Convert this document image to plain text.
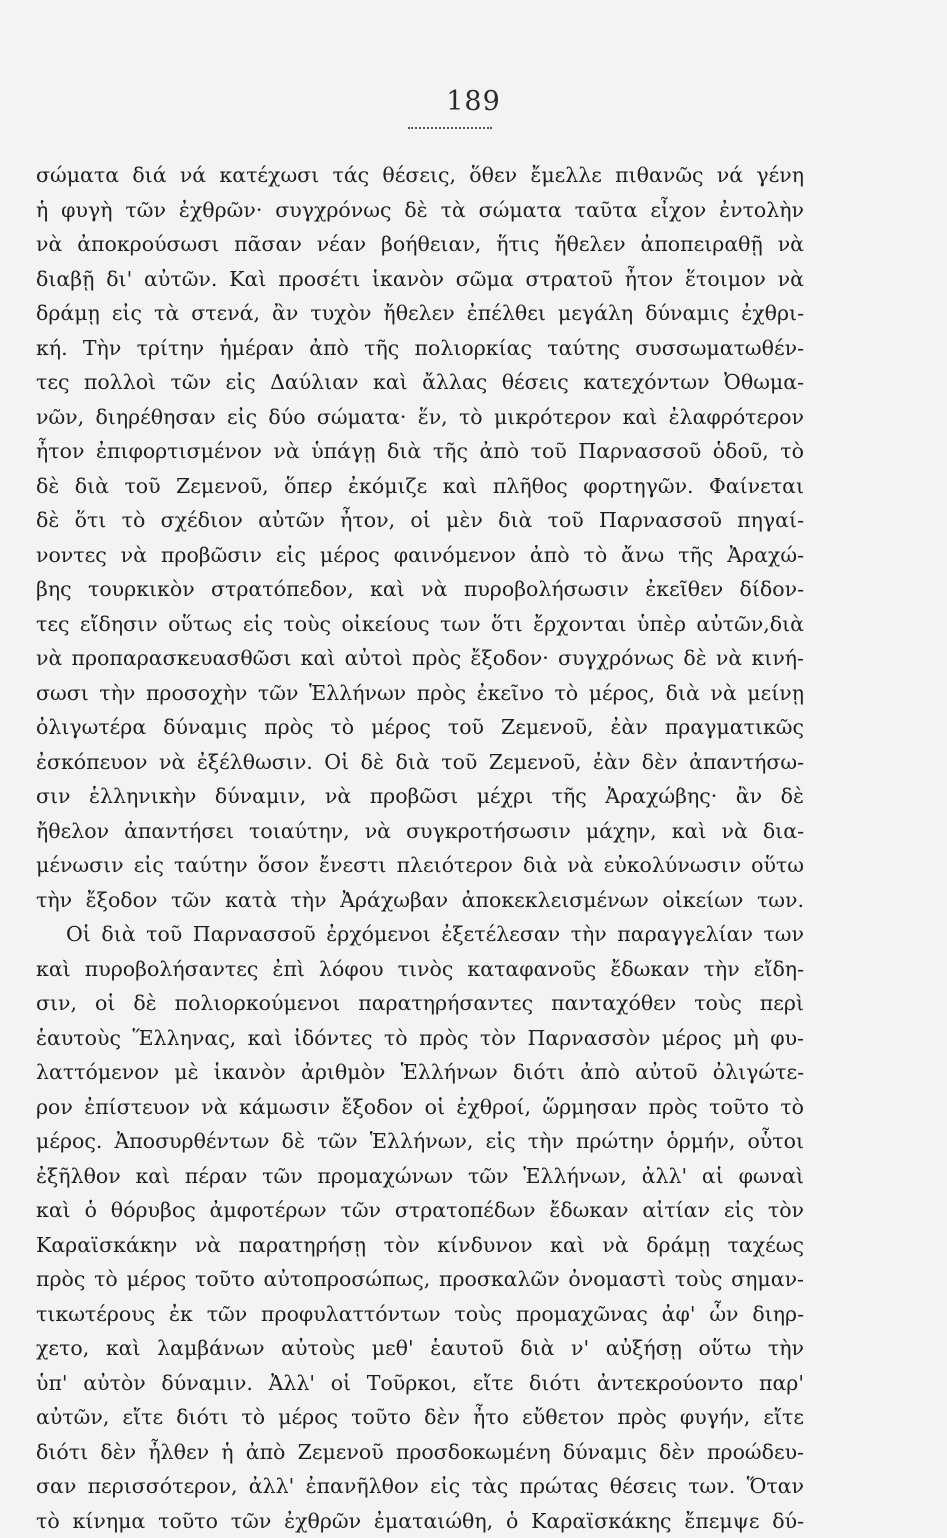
189
σώματα διά νά κατέχωσι τάς θέσεις, ὅθεν ἔμελλε πιθανῶς νά γένη
ἡ φυγὴ τῶν ἐχθρῶν· συγχρόνως δὲ τὰ σώματα ταῦτα εἶχον ἐντολὴν
νὰ ἀποκρούσωσι πᾶσαν νέαν βοήθειαν, ἥτις ἤθελεν ἀποπειραθῇ νὰ
διαβῇ δι' αὐτῶν. Καὶ προσέτι ἱκανὸν σῶμα στρατοῦ ἦτον ἕτοιμον νὰ
δράμῃ εἰς τὰ στενά, ἂν τυχὸν ἤθελεν ἐπέλθει μεγάλη δύναμις ἐχθρι-
κή. Τὴν τρίτην ἡμέραν ἀπὸ τῆς πολιορκίας ταύτης συσσωματωθέν-
τες πολλοὶ τῶν εἰς Δαύλιαν καὶ ἄλλας θέσεις κατεχόντων Ὀθωμα-
νῶν, διηρέθησαν εἰς δύο σώματα· ἕν, τὸ μικρότερον καὶ ἐλαφρότερον
ἦτον ἐπιφορτισμένον νὰ ὑπάγῃ διὰ τῆς ἀπὸ τοῦ Παρνασσοῦ ὁδοῦ, τὸ
δὲ διὰ τοῦ Ζεμενοῦ, ὅπερ ἐκόμιζε καὶ πλῆθος φορτηγῶν. Φαίνεται
δὲ ὅτι τὸ σχέδιον αὐτῶν ἦτον, οἱ μὲν διὰ τοῦ Παρνασσοῦ πηγαί-
νοντες νὰ προβῶσιν εἰς μέρος φαινόμενον ἀπὸ τὸ ἄνω τῆς Ἀραχώ-
βης τουρκικὸν στρατόπεδον, καὶ νὰ πυροβολήσωσιν ἐκεῖθεν δίδον-
τες εἴδησιν οὕτως εἰς τοὺς οἰκείους των ὅτι ἔρχονται ὑπὲρ αὐτῶν,διὰ
νὰ προπαρασκευασθῶσι καὶ αὐτοὶ πρὸς ἔξοδον· συγχρόνως δὲ νὰ κινή-
σωσι τὴν προσοχὴν τῶν Ἑλλήνων πρὸς ἐκεῖνο τὸ μέρος, διὰ νὰ μείνῃ
ὀλιγωτέρα δύναμις πρὸς τὸ μέρος τοῦ Ζεμενοῦ, ἐὰν πραγματικῶς
ἐσκόπευον νὰ ἐξέλθωσιν. Οἱ δὲ διὰ τοῦ Ζεμενοῦ, ἐὰν δὲν ἀπαντήσω-
σιν ἑλληνικὴν δύναμιν, νὰ προβῶσι μέχρι τῆς Ἀραχώβης· ἂν δὲ
ἤθελον ἀπαντήσει τοιαύτην, νὰ συγκροτήσωσιν μάχην, καὶ νὰ δια-
μένωσιν εἰς ταύτην ὅσον ἔνεστι πλειότερον διὰ νὰ εὐκολύνωσιν οὕτω
τὴν ἔξοδον τῶν κατὰ τὴν Ἀράχωβαν ἀποκεκλεισμένων οἰκείων των.
Οἱ διὰ τοῦ Παρνασσοῦ ἐρχόμενοι ἐξετέλεσαν τὴν παραγγελίαν των
καὶ πυροβολήσαντες ἐπὶ λόφου τινὸς καταφανοῦς ἔδωκαν τὴν εἴδη-
σιν, οἱ δὲ πολιορκούμενοι παρατηρήσαντες πανταχόθεν τοὺς περὶ
ἑαυτοὺς Ἕλληνας, καὶ ἰδόντες τὸ πρὸς τὸν Παρνασσὸν μέρος μὴ φυ-
λαττόμενον μὲ ἱκανὸν ἀριθμὸν Ἑλλήνων διότι ἀπὸ αὐτοῦ ὀλιγώτε-
ρον ἐπίστευον νὰ κάμωσιν ἔξοδον οἱ ἐχθροί, ὥρμησαν πρὸς τοῦτο τὸ
μέρος. Ἀποσυρθέντων δὲ τῶν Ἑλλήνων, εἰς τὴν πρώτην ὁρμήν, οὗτοι
ἐξῆλθον καὶ πέραν τῶν προμαχώνων τῶν Ἑλλήνων, ἀλλ' αἱ φωναὶ
καὶ ὁ θόρυβος ἀμφοτέρων τῶν στρατοπέδων ἔδωκαν αἰτίαν εἰς τὸν
Καραϊσκάκην νὰ παρατηρήσῃ τὸν κίνδυνον καὶ νὰ δράμῃ ταχέως
πρὸς τὸ μέρος τοῦτο αὐτοπροσώπως, προσκαλῶν ὀνομαστὶ τοὺς σημαν-
τικωτέρους ἐκ τῶν προφυλαττόντων τοὺς προμαχῶνας ἀφ' ὧν διηρ-
χετο, καὶ λαμβάνων αὐτοὺς μεθ' ἑαυτοῦ διὰ ν' αὐξήσῃ οὕτω τὴν
ὑπ' αὐτὸν δύναμιν. Ἀλλ' οἱ Τοῦρκοι, εἴτε διότι ἀντεκρούοντο παρ'
αὐτῶν, εἴτε διότι τὸ μέρος τοῦτο δὲν ἦτο εὔθετον πρὸς φυγήν, εἴτε
διότι δὲν ἦλθεν ἡ ἀπὸ Ζεμενοῦ προσδοκωμένη δύναμις δὲν προώδευ-
σαν περισσότερον, ἀλλ' ἐπανῆλθον εἰς τὰς πρώτας θέσεις των. Ὅταν
τὸ κίνημα τοῦτο τῶν ἐχθρῶν ἐματαιώθη, ὁ Καραϊσκάκης ἔπεμψε δύ-
